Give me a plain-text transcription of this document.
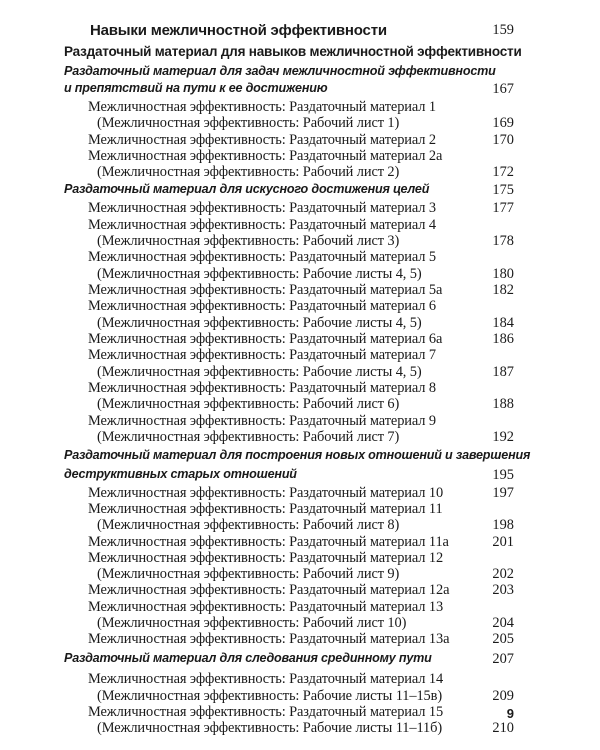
Навыки межличностной эффективности	159
Раздаточный материал для навыков межличностной эффективности
Раздаточный материал для задач межличностной эффективности
и препятствий на пути к ее достижению	167
Межличностная эффективность: Раздаточный материал 1
(Межличностная эффективность: Рабочий лист 1)	169
Межличностная эффективность: Раздаточный материал 2	170
Межличностная эффективность: Раздаточный материал 2а
(Межличностная эффективность: Рабочий лист 2)	172
Раздаточный материал для искусного достижения целей	175
Межличностная эффективность: Раздаточный материал 3	177
Межличностная эффективность: Раздаточный материал 4
(Межличностная эффективность: Рабочий лист 3)	178
Межличностная эффективность: Раздаточный материал 5
(Межличностная эффективность: Рабочие листы 4, 5)	180
Межличностная эффективность: Раздаточный материал 5а	182
Межличностная эффективность: Раздаточный материал 6
(Межличностная эффективность: Рабочие листы 4, 5)	184
Межличностная эффективность: Раздаточный материал 6а	186
Межличностная эффективность: Раздаточный материал 7
(Межличностная эффективность: Рабочие листы 4, 5)	187
Межличностная эффективность: Раздаточный материал 8
(Межличностная эффективность: Рабочий лист 6)	188
Межличностная эффективность: Раздаточный материал 9
(Межличностная эффективность: Рабочий лист 7)	192
Раздаточный материал для построения новых отношений и завершения
деструктивных старых отношений	195
Межличностная эффективность: Раздаточный материал 10	197
Межличностная эффективность: Раздаточный материал 11
(Межличностная эффективность: Рабочий лист 8)	198
Межличностная эффективность: Раздаточный материал 11а	201
Межличностная эффективность: Раздаточный материал 12
(Межличностная эффективность: Рабочий лист 9)	202
Межличностная эффективность: Раздаточный материал 12а	203
Межличностная эффективность: Раздаточный материал 13
(Межличностная эффективность: Рабочий лист 10)	204
Межличностная эффективность: Раздаточный материал 13а	205
Раздаточный материал для следования срединному пути	207
Межличностная эффективность: Раздаточный материал 14
(Межличностная эффективность: Рабочие листы 11–15в)	209
Межличностная эффективность: Раздаточный материал 15
(Межличностная эффективность: Рабочие листы 11–11б)	210
9
